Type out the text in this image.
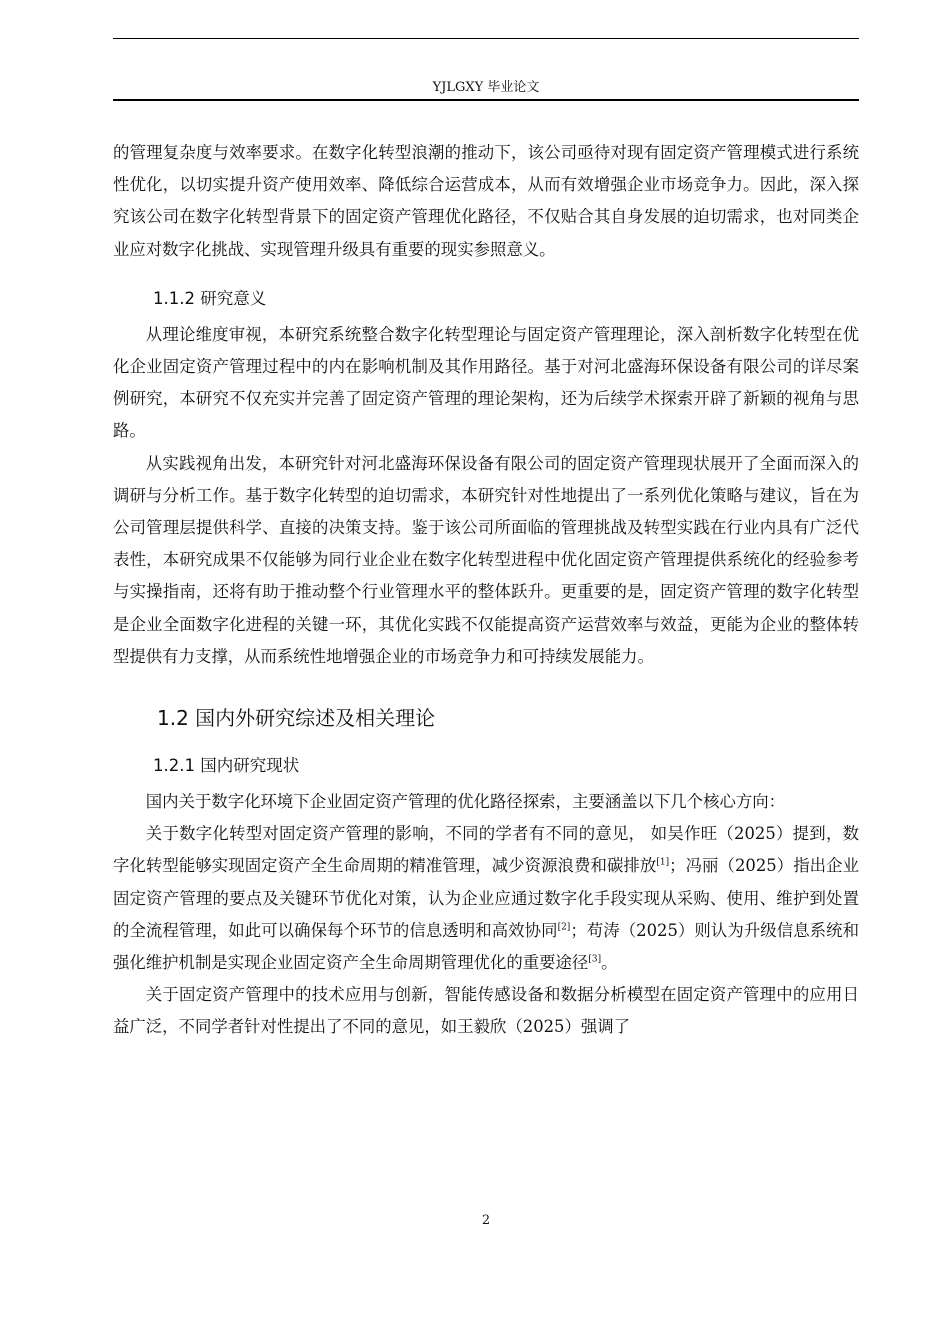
YJLGXY 毕业论文

的管理复杂度与效率要求。在数字化转型浪潮的推动下，该公司亟待对现有固定资产管理模式进行系统性优化，以切实提升资产使用效率、降低综合运营成本，从而有效增强企业市场竞争力。因此，深入探究该公司在数字化转型背景下的固定资产管理优化路径，不仅贴合其自身发展的迫切需求，也对同类企业应对数字化挑战、实现管理升级具有重要的现实参照意义。

1.1.2 研究意义

从理论维度审视，本研究系统整合数字化转型理论与固定资产管理理论，深入剖析数字化转型在优化企业固定资产管理过程中的内在影响机制及其作用路径。基于对河北盛海环保设备有限公司的详尽案例研究，本研究不仅充实并完善了固定资产管理的理论架构，还为后续学术探索开辟了新颖的视角与思路。

从实践视角出发，本研究针对河北盛海环保设备有限公司的固定资产管理现状展开了全面而深入的调研与分析工作。基于数字化转型的迫切需求，本研究针对性地提出了一系列优化策略与建议，旨在为公司管理层提供科学、直接的决策支持。鉴于该公司所面临的管理挑战及转型实践在行业内具有广泛代表性，本研究成果不仅能够为同行业企业在数字化转型进程中优化固定资产管理提供系统化的经验参考与实操指南，还将有助于推动整个行业管理水平的整体跃升。更重要的是，固定资产管理的数字化转型是企业全面数字化进程的关键一环，其优化实践不仅能提高资产运营效率与效益，更能为企业的整体转型提供有力支撑，从而系统性地增强企业的市场竞争力和可持续发展能力。

1.2 国内外研究综述及相关理论
1.2.1 国内研究现状

国内关于数字化环境下企业固定资产管理的优化路径探索，主要涵盖以下几个核心方向：

关于数字化转型对固定资产管理的影响，不同的学者有不同的意见， 如吴作旺（2025）提到，数字化转型能够实现固定资产全生命周期的精准管理，减少资源浪费和碳排放[1]；冯丽（2025）指出企业固定资产管理的要点及关键环节优化对策，认为企业应通过数字化手段实现从采购、使用、维护到处置的全流程管理，如此可以确保每个环节的信息透明和高效协同[2]；苟涛（2025）则认为升级信息系统和强化维护机制是实现企业固定资产全生命周期管理优化的重要途径[3]。

关于固定资产管理中的技术应用与创新，智能传感设备和数据分析模型在固定资产管理中的应用日益广泛，不同学者针对性提出了不同的意见，如王毅欣（2025）强调了

2
